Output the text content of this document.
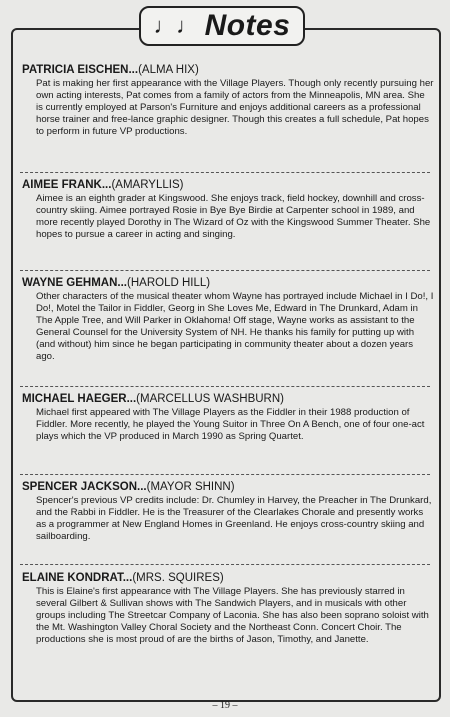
♩♩ Notes
PATRICIA EISCHEN...(ALMA HIX)
Pat is making her first appearance with the Village Players. Though only recently pursuing her own acting interests, Pat comes from a family of actors from the Minneapolis, MN area. She is currently employed at Parson's Furniture and enjoys additional careers as a professional horse trainer and free-lance graphic designer. Though this creates a full schedule, Pat hopes to perform in future VP productions.
AIMEE FRANK...(AMARYLLIS)
Aimee is an eighth grader at Kingswood. She enjoys track, field hockey, downhill and cross-country skiing. Aimee portrayed Rosie in Bye Bye Birdie at Carpenter school in 1989, and more recently played Dorothy in The Wizard of Oz with the Kingswood Summer Theater. She hopes to pursue a career in acting and singing.
WAYNE GEHMAN...(HAROLD HILL)
Other characters of the musical theater whom Wayne has portrayed include Michael in I Do!, I Do!, Motel the Tailor in Fiddler, Georg in She Loves Me, Edward in The Drunkard, Adam in The Apple Tree, and Will Parker in Oklahoma! Off stage, Wayne works as assistant to the General Counsel for the University System of NH. He thanks his family for putting up with (and without) him since he began participating in community theater about a dozen years ago.
MICHAEL HAEGER...(MARCELLUS WASHBURN)
Michael first appeared with The Village Players as the Fiddler in their 1988 production of Fiddler. More recently, he played the Young Suitor in Three On A Bench, one of four one-act plays which the VP produced in March 1990 as Spring Quartet.
SPENCER JACKSON...(MAYOR SHINN)
Spencer's previous VP credits include: Dr. Chumley in Harvey, the Preacher in The Drunkard, and the Rabbi in Fiddler. He is the Treasurer of the Clearlakes Chorale and presently works as a programmer at New England Homes in Greenland. He enjoys cross-country skiing and sailboarding.
ELAINE KONDRAT...(MRS. SQUIRES)
This is Elaine's first appearance with The Village Players. She has previously starred in several Gilbert & Sullivan shows with The Sandwich Players, and in musicals with other groups including The Streetcar Company of Laconia. She has also been soprano soloist with the Mt. Washington Valley Choral Society and the Northeast Conn. Concert Choir. The productions she is most proud of are the births of Jason, Timothy, and Janette.
– 19 –
